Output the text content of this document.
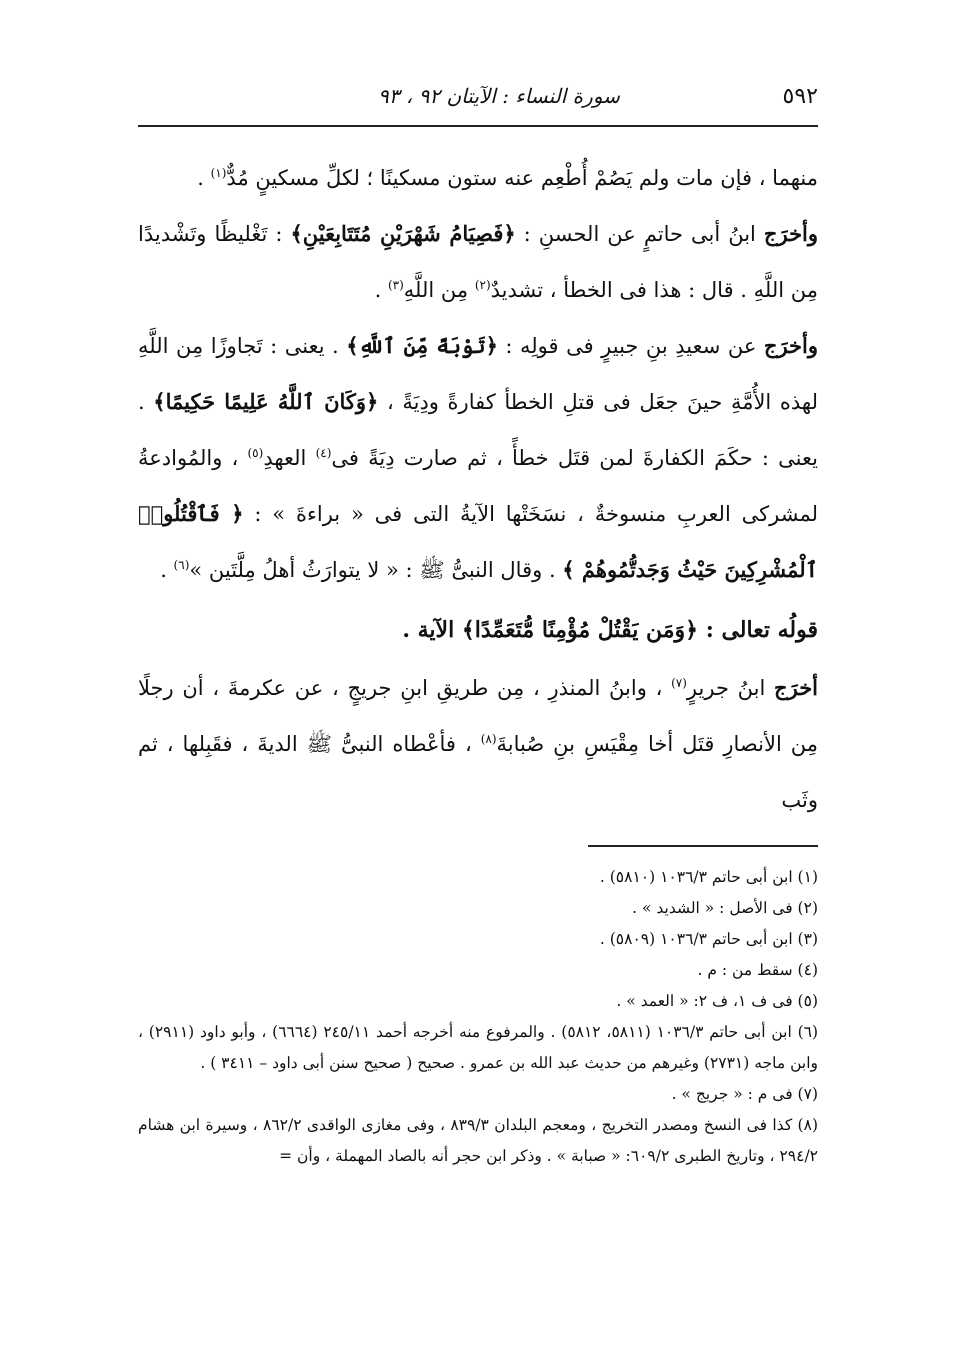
٥٩٢
سورة النساء : الآيتان ٩٢ ، ٩٣

منهما ، فإن مات ولم يَصُمْ أُطْعِم عنه ستون مسكينًا ؛ لكلِّ مسكينٍ مُدٌّ$^{(١)}$ .

وأخرَج ابنُ أبى حاتمٍ عن الحسنِ : ﴿فَصِيَامُ شَهْرَيْنِ مُتَتَابِعَيْنِ﴾ : تَغْليظًا وتَشْديدًا مِن اللَّهِ . قال : هذا فى الخطأ ، تشديدٌ$^{(٢)}$ مِن اللَّهِ$^{(٣)}$ .

وأخرَج عن سعيدِ بنِ جبيرٍ فى قولِه : ﴿تَوْبَةً مِّنَ ٱللَّهِ﴾ . يعنى : تَجاوزًا مِن اللَّهِ لهذه الأُمَّةِ حينَ جعَل فى قتلِ الخطأ كفارةً ودِيَةً ، ﴿وَكَانَ ٱللَّهُ عَلِيمًا حَكِيمًا﴾ . يعنى : حكَمَ الكفارةَ لمن قتَل خطأً ، ثم صارت دِيَةً فى$^{(٤)}$ العهدِ$^{(٥)}$ ، والمُوادعةُ لمشركى العربِ منسوخةٌ ، نسَخَتْها الآيةُ التى فى « براءةَ » : ﴿ فَٱقْتُلُوا۟ ٱلْمُشْرِكِينَ حَيْثُ وَجَدتُّمُوهُمْ ﴾ . وقال النبىُّ ﷺ : « لا يتوارَثُ أهلُ مِلَّتَين »$^{(٦)}$ .

قولُه تعالى : ﴿وَمَن يَقْتُلْ مُؤْمِنًا مُّتَعَمِّدًا﴾ الآية .

أخرَج ابنُ جريرٍ$^{(٧)}$ ، وابنُ المنذرِ ، مِن طريقِ ابنِ جريجٍ ، عن عكرمةَ ، أن رجلًا مِن الأنصارِ قتَل أخا مِقْيَسِ بنِ صُبابةَ$^{(٨)}$ ، فأعْطاه النبىُّ ﷺ الديةَ ، فقَبِلها ، ثم وثَب

(١) ابن أبى حاتم ١٠٣٦/٣ (٥٨١٠) .

(٢) فى الأصل : « الشديد » .

(٣) ابن أبى حاتم ١٠٣٦/٣ (٥٨٠٩) .

(٤) سقط من : م .

(٥) فى ف ١، ف ٢: « العمد » .

(٦) ابن أبى حاتم ١٠٣٦/٣ (٥٨١١، ٥٨١٢) . والمرفوع منه أخرجه أحمد ٢٤٥/١١ (٦٦٦٤) ، وأبو داود (٢٩١١) ، وابن ماجه (٢٧٣١) وغيرهم من حديث عبد الله بن عمرو . صحيح ( صحيح سنن أبى داود – ٣٤١١ ) .

(٧) فى م : « جريج » .

(٨) كذا فى النسخ ومصدر التخريج ، ومعجم البلدان ٨٣٩/٣ ، وفى مغازى الواقدى ٨٦٢/٢ ، وسيرة ابن هشام ٢٩٤/٢ ، وتاريخ الطبرى ٦٠٩/٢: « صبابة » . وذكر ابن حجر أنه بالصاد المهملة ، وأن =
